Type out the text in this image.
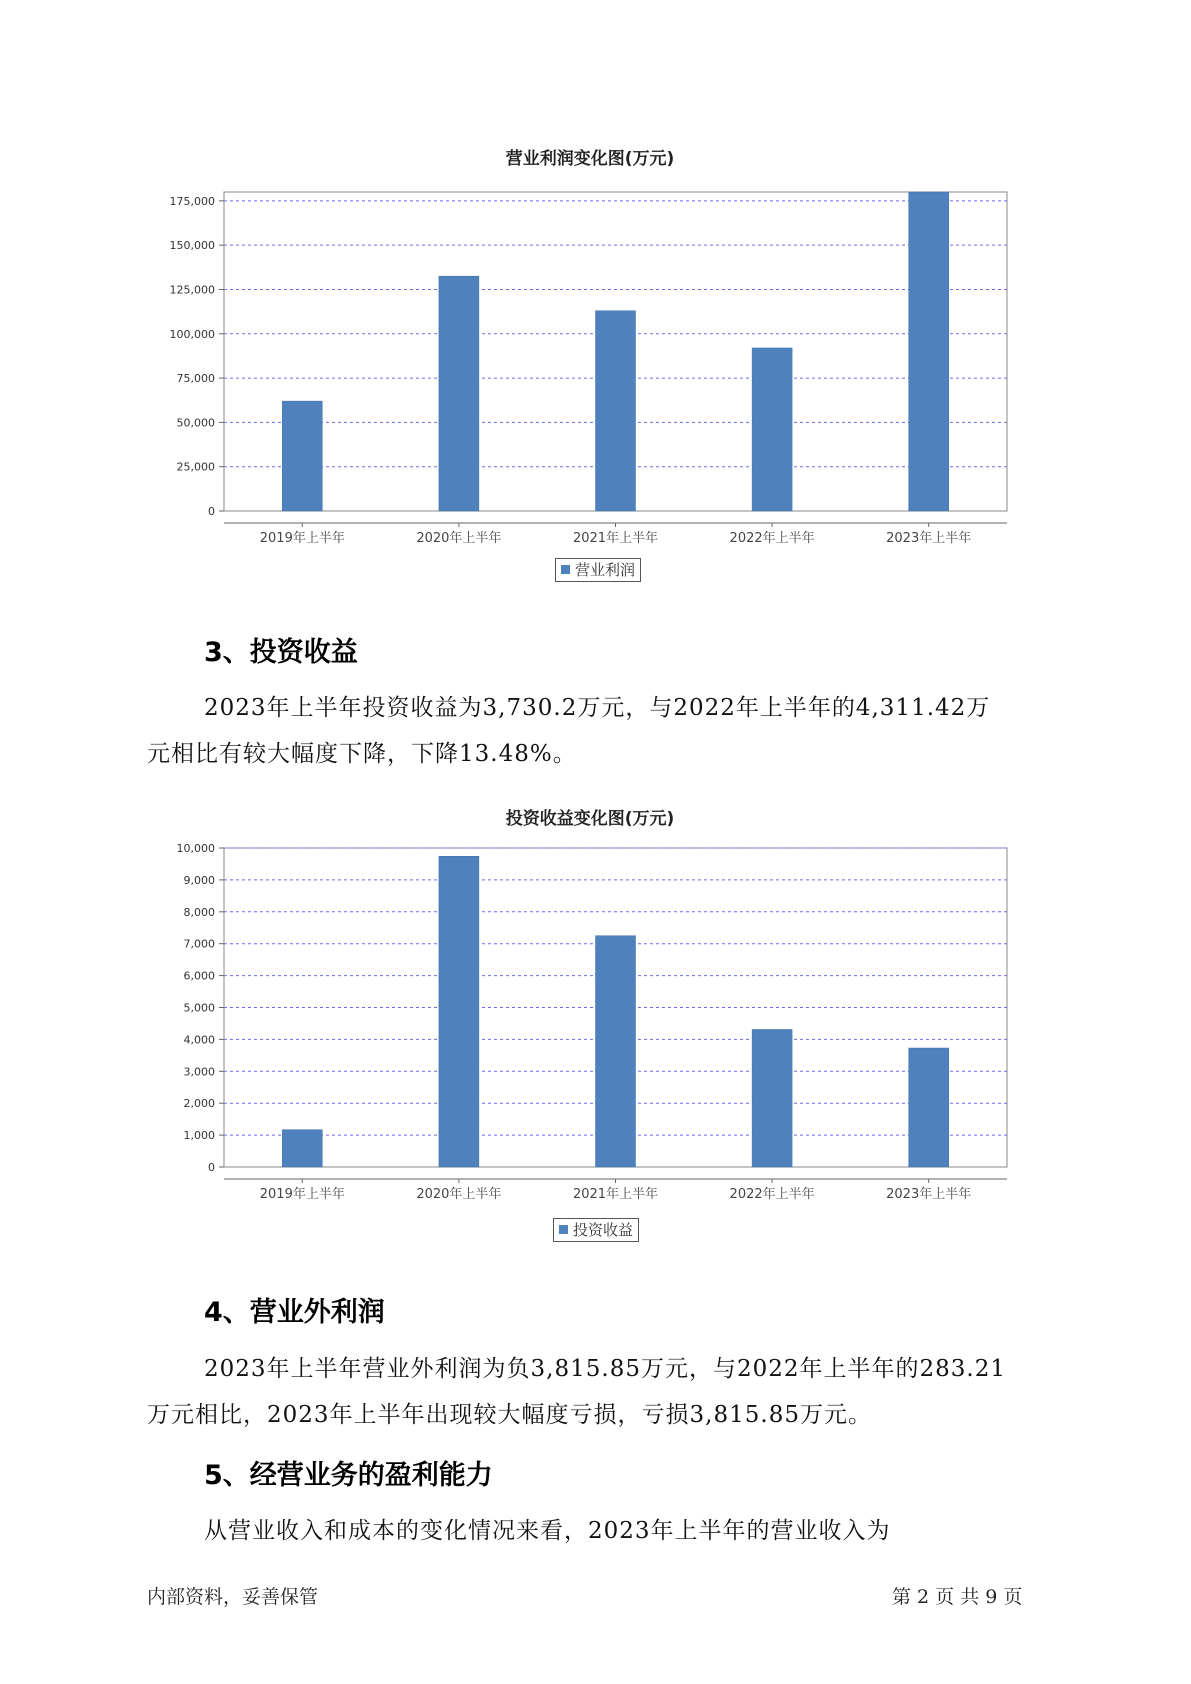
营业利润变化图(万元)
0
25,000
50,000
75,000
100,000
125,000
150,000
175,000
2019年上半年	2020年上半年	2021年上半年	2022年上半年	2023年上半年
营业利润
3、投资收益
2023年上半年投资收益为3,730.2万元，与2022年上半年的4,311.42万
元相比有较大幅度下降，下降13.48%。
投资收益变化图(万元)
0
1,000
2,000
3,000
4,000
5,000
6,000
7,000
8,000
9,000
10,000
2019年上半年	2020年上半年	2021年上半年	2022年上半年	2023年上半年
投资收益
4、营业外利润
2023年上半年营业外利润为负3,815.85万元，与2022年上半年的283.21
万元相比，2023年上半年出现较大幅度亏损，亏损3,815.85万元。
5、经营业务的盈利能力
从营业收入和成本的变化情况来看，2023年上半年的营业收入为
内部资料，妥善保管	第 2 页 共 9 页
